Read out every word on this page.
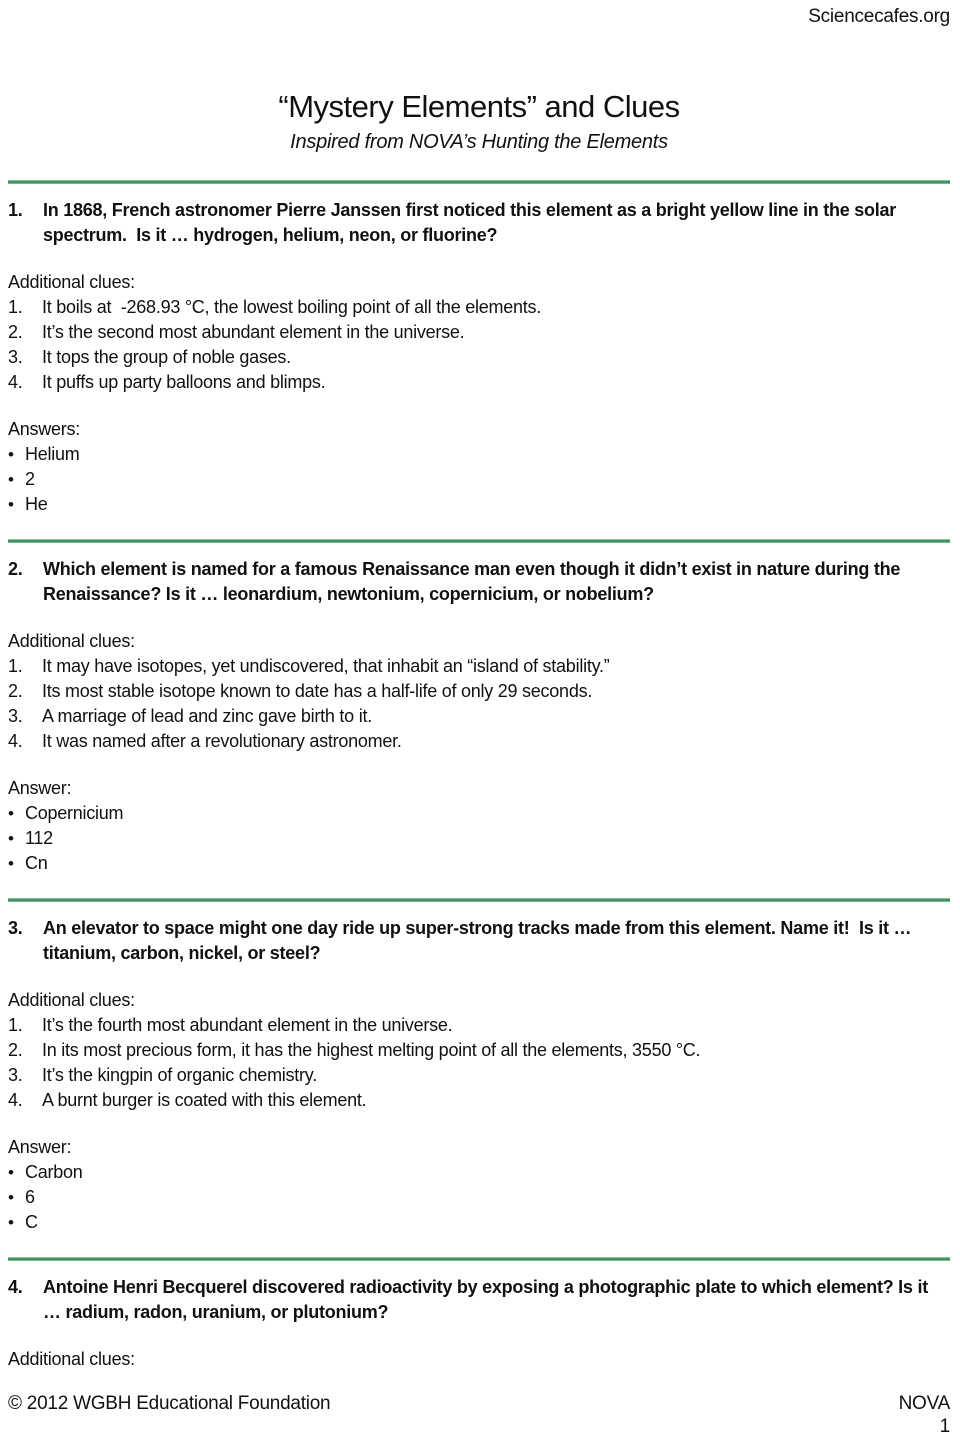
Sciencecafes.org
“Mystery Elements” and Clues
Inspired from NOVA’s Hunting the Elements
1.	In 1868, French astronomer Pierre Janssen first noticed this element as a bright yellow line in the solar spectrum.  Is it … hydrogen, helium, neon, or fluorine?
Additional clues:
1.	It boils at  -268.93 °C, the lowest boiling point of all the elements.
2.	It’s the second most abundant element in the universe.
3.	It tops the group of noble gases.
4.	It puffs up party balloons and blimps.
Answers:
•
Helium
•
2
•
He
2.	Which element is named for a famous Renaissance man even though it didn’t exist in nature during the Renaissance? Is it … leonardium, newtonium, copernicium, or nobelium?
Additional clues:
1.	It may have isotopes, yet undiscovered, that inhabit an “island of stability.”
2.	Its most stable isotope known to date has a half-life of only 29 seconds.
3.	A marriage of lead and zinc gave birth to it.
4.	It was named after a revolutionary astronomer.
Answer:
•
Copernicium
•
112
•
Cn
3.	An elevator to space might one day ride up super-strong tracks made from this element. Name it!  Is it … titanium, carbon, nickel, or steel?
Additional clues:
1.	It’s the fourth most abundant element in the universe.
2.	In its most precious form, it has the highest melting point of all the elements, 3550 °C.
3.	It’s the kingpin of organic chemistry.
4.	A burnt burger is coated with this element.
Answer:
•
Carbon
•
6
•
C
4.	Antoine Henri Becquerel discovered radioactivity by exposing a photographic plate to which element? Is it … radium, radon, uranium, or plutonium?
Additional clues:
© 2012 WGBH Educational Foundation	NOVA
1
